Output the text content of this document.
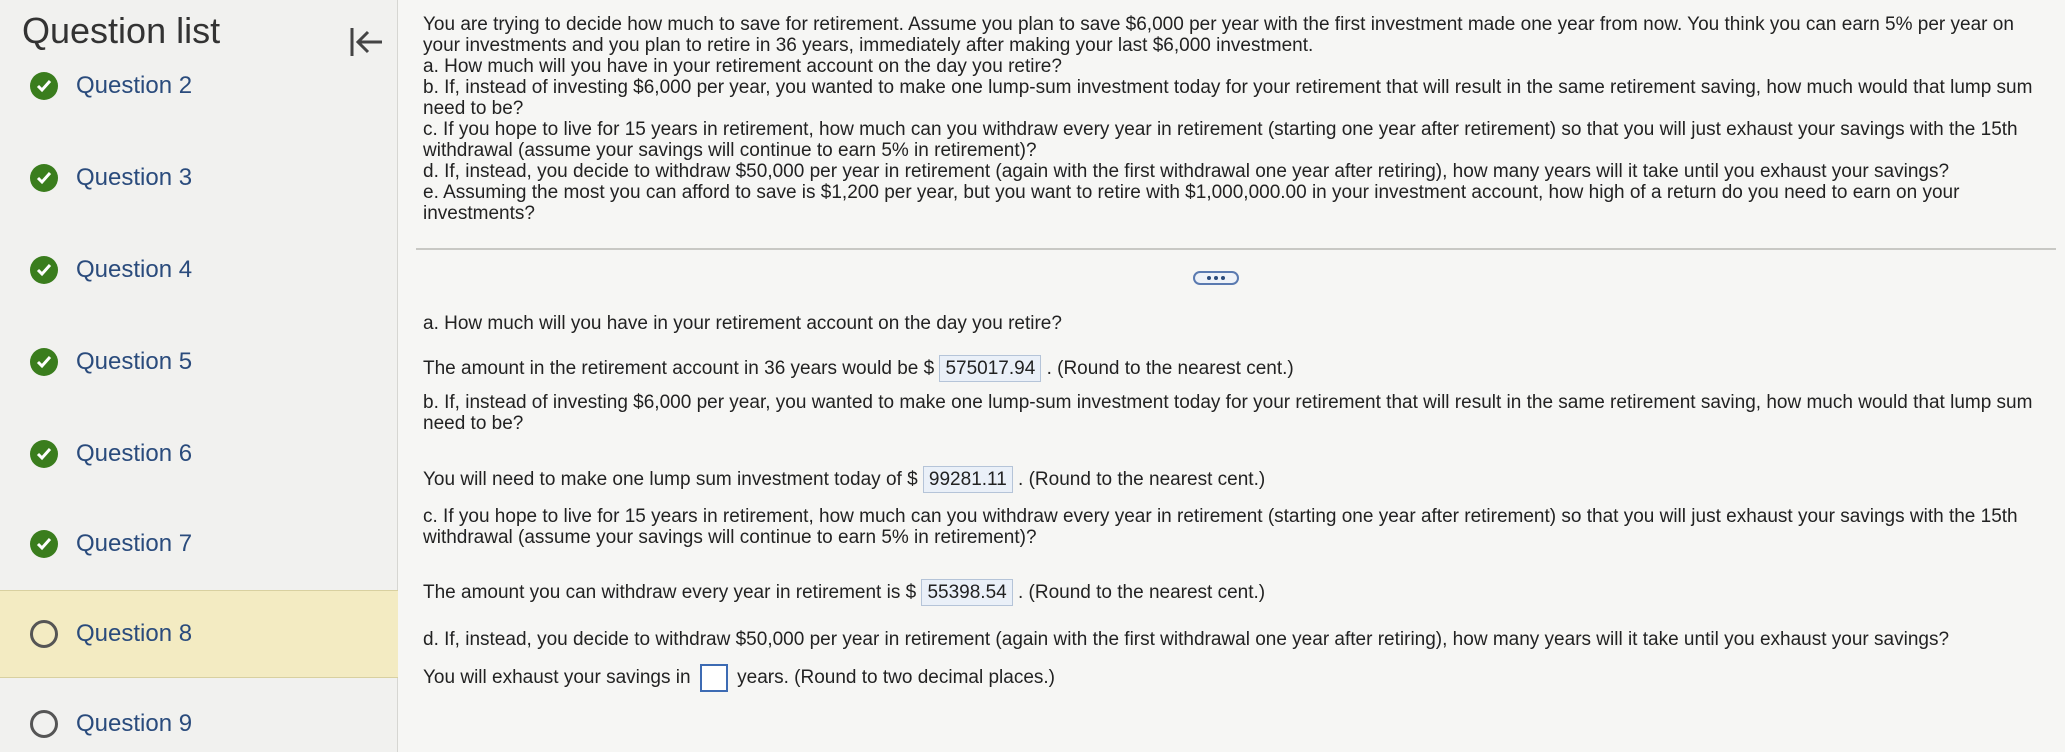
Question list
Question 2
Question 3
Question 4
Question 5
Question 6
Question 7
Question 8
Question 9

You are trying to decide how much to save for retirement. Assume you plan to save $6,000 per year with the first investment made one year from now. You think you can earn 5% per year on your investments and you plan to retire in 36 years, immediately after making your last $6,000 investment.

a. How much will you have in your retirement account on the day you retire?

b. If, instead of investing $6,000 per year, you wanted to make one lump-sum investment today for your retirement that will result in the same retirement saving, how much would that lump sum need to be?

c. If you hope to live for 15 years in retirement, how much can you withdraw every year in retirement (starting one year after retirement) so that you will just exhaust your savings with the 15th withdrawal (assume your savings will continue to earn 5% in retirement)?

d. If, instead, you decide to withdraw $50,000 per year in retirement (again with the first withdrawal one year after retiring), how many years will it take until you exhaust your savings?

e. Assuming the most you can afford to save is $1,200 per year, but you want to retire with $1,000,000.00 in your investment account, how high of a return do you need to earn on your investments?

a. How much will you have in your retirement account on the day you retire?
The amount in the retirement account in 36 years would be $ 575017.94 . (Round to the nearest cent.)
b. If, instead of investing $6,000 per year, you wanted to make one lump-sum investment today for your retirement that will result in the same retirement saving, how much would that lump sum need to be?
You will need to make one lump sum investment today of $ 99281.11 . (Round to the nearest cent.)
c. If you hope to live for 15 years in retirement, how much can you withdraw every year in retirement (starting one year after retirement) so that you will just exhaust your savings with the 15th withdrawal (assume your savings will continue to earn 5% in retirement)?
The amount you can withdraw every year in retirement is $ 55398.54 . (Round to the nearest cent.)
d. If, instead, you decide to withdraw $50,000 per year in retirement (again with the first withdrawal one year after retiring), how many years will it take until you exhaust your savings?
You will exhaust your savings in years. (Round to two decimal places.)
